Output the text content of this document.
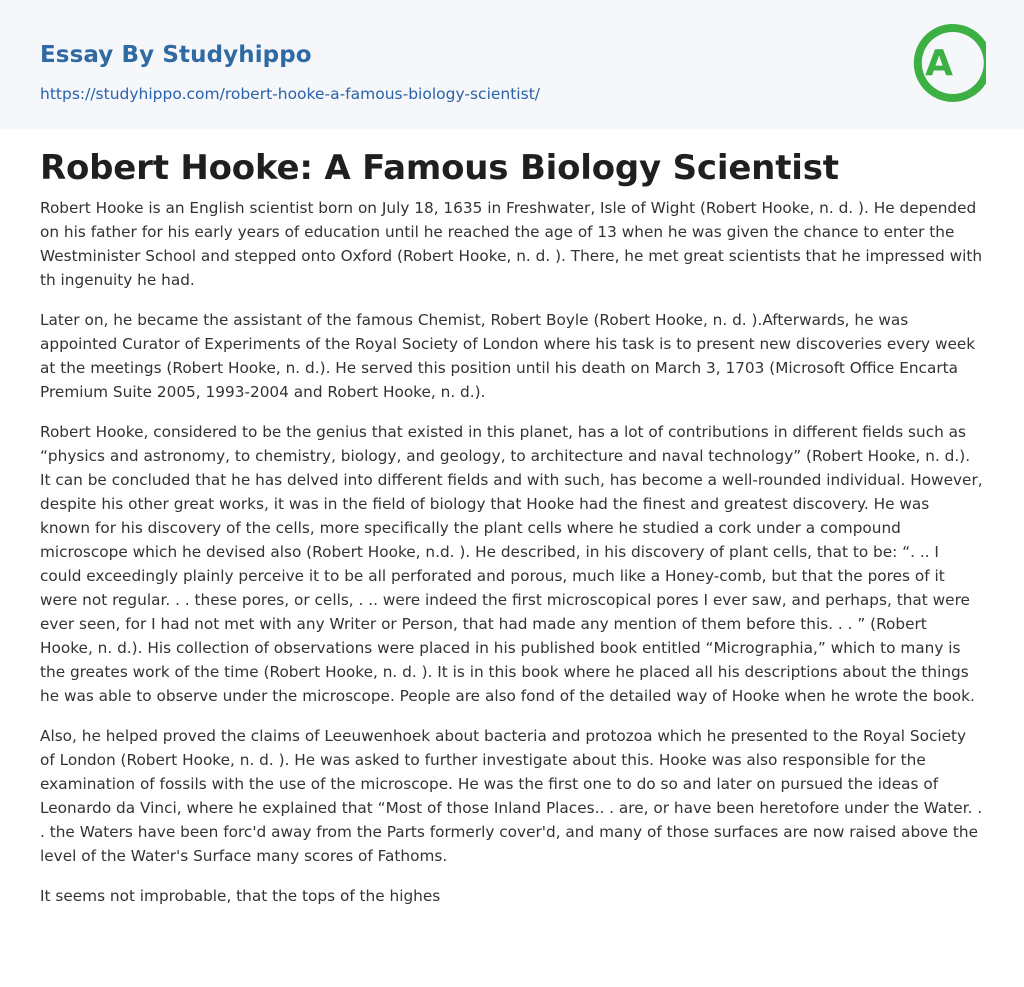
Essay By Studyhippo
https://studyhippo.com/robert-hooke-a-famous-biology-scientist/
A
Robert Hooke: A Famous Biology Scientist

Robert Hooke is an English scientist born on July 18, 1635 in Freshwater, Isle of Wight (Robert Hooke, n. d. ). He depended on his father for his early years of education until he reached the age of 13 when he was given the chance to enter the Westminister School and stepped onto Oxford (Robert Hooke, n. d. ). There, he met great scientists that he impressed with th ingenuity he had.

Later on, he became the assistant of the famous Chemist, Robert Boyle (Robert Hooke, n. d. ).Afterwards, he was appointed Curator of Experiments of the Royal Society of London where his task is to present new discoveries every week at the meetings (Robert Hooke, n. d.). He served this position until his death on March 3, 1703 (Microsoft Office Encarta Premium Suite 2005, 1993-2004 and Robert Hooke, n. d.).

Robert Hooke, considered to be the genius that existed in this planet, has a lot of contributions in different fields such as “physics and astronomy, to chemistry, biology, and geology, to architecture and naval technology” (Robert Hooke, n. d.). It can be concluded that he has delved into different fields and with such, has become a well-rounded individual. However, despite his other great works, it was in the field of biology that Hooke had the finest and greatest discovery. He was known for his discovery of the cells, more specifically the plant cells where he studied a cork under a compound microscope which he devised also (Robert Hooke, n.d. ). He described, in his discovery of plant cells, that to be: “. .. I could exceedingly plainly perceive it to be all perforated and porous, much like a Honey-comb, but that the pores of it were not regular. . . these pores, or cells, . .. were indeed the first microscopical pores I ever saw, and perhaps, that were ever seen, for I had not met with any Writer or Person, that had made any mention of them before this. . . ” (Robert Hooke, n. d.). His collection of observations were placed in his published book entitled “Micrographia,” which to many is the greates work of the time (Robert Hooke, n. d. ). It is in this book where he placed all his descriptions about the things he was able to observe under the microscope. People are also fond of the detailed way of Hooke when he wrote the book.

Also, he helped proved the claims of Leeuwenhoek about bacteria and protozoa which he presented to the Royal Society of London (Robert Hooke, n. d. ). He was asked to further investigate about this. Hooke was also responsible for the examination of fossils with the use of the microscope. He was the first one to do so and later on pursued the ideas of Leonardo da Vinci, where he explained that “Most of those Inland Places.. . are, or have been heretofore under the Water. . . the Waters have been forc'd away from the Parts formerly cover'd, and many of those surfaces are now raised above the level of the Water's Surface many scores of Fathoms.

It seems not improbable, that the tops of the highes
